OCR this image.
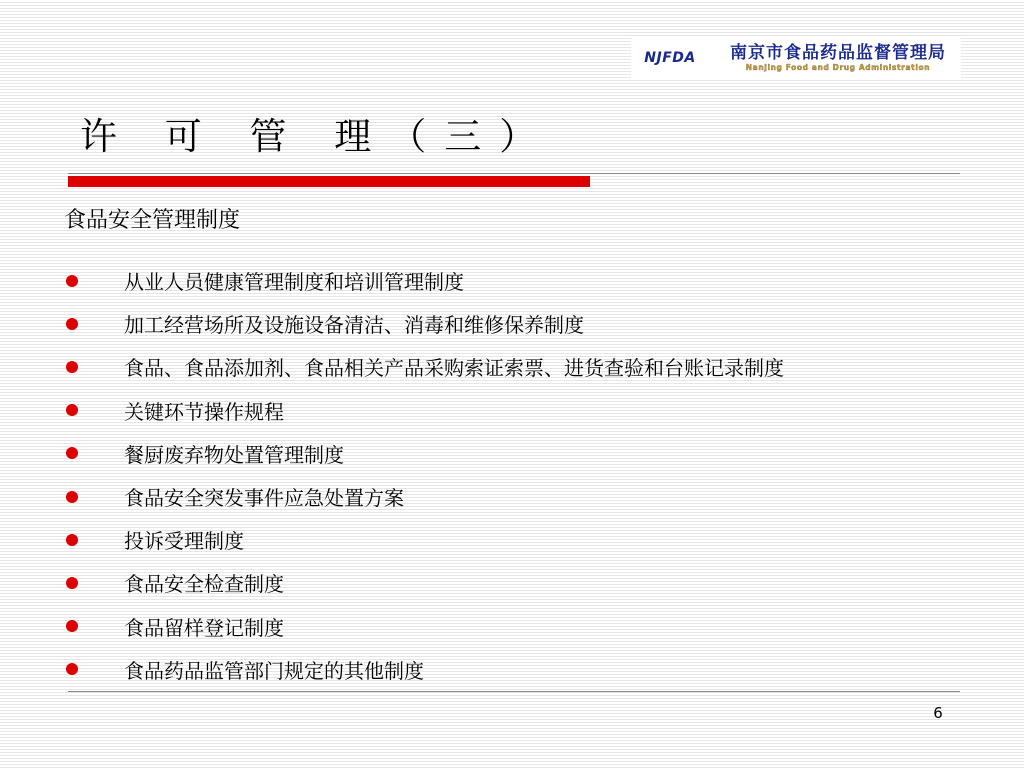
NJFDA	南京市食品药品监督管理局
Nanjing Food and Drug Administration
许 可 管 理（三）
食品安全管理制度
从业人员健康管理制度和培训管理制度
加工经营场所及设施设备清洁、消毒和维修保养制度
食品、食品添加剂、食品相关产品采购索证索票、进货查验和台账记录制度
关键环节操作规程
餐厨废弃物处置管理制度
食品安全突发事件应急处置方案
投诉受理制度
食品安全检查制度
食品留样登记制度
食品药品监管部门规定的其他制度
6
